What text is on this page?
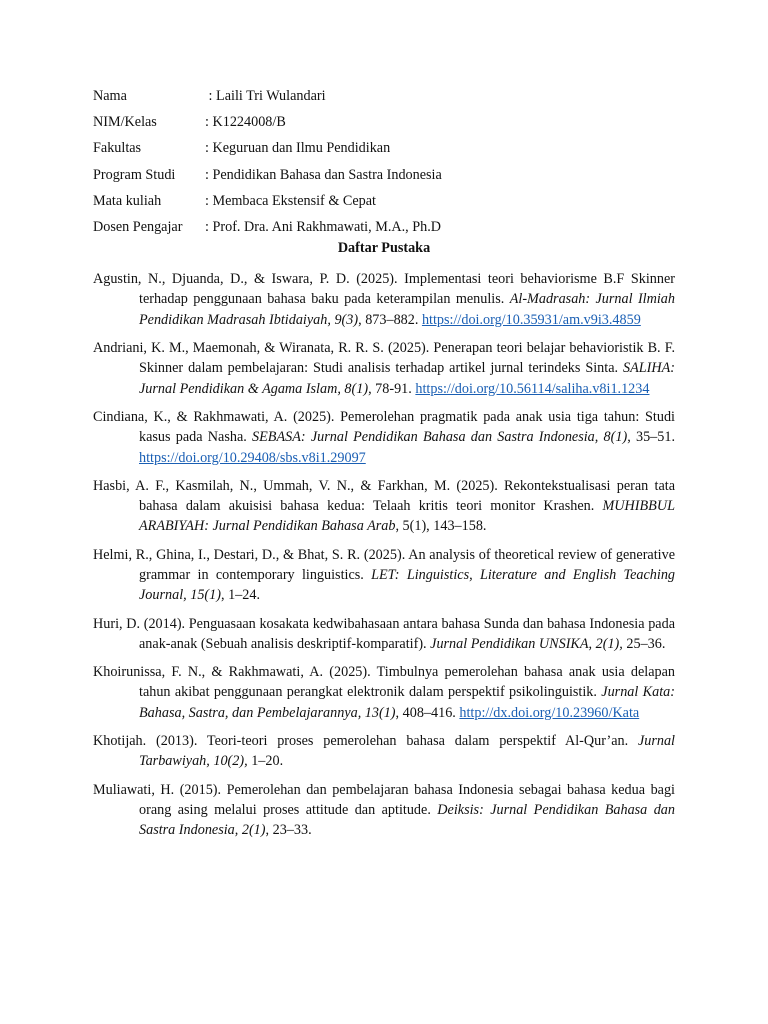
Nama	: Laili Tri Wulandari
NIM/Kelas	: K1224008/B
Fakultas	: Keguruan dan Ilmu Pendidikan
Program Studi	: Pendidikan Bahasa dan Sastra Indonesia
Mata kuliah	: Membaca Ekstensif & Cepat
Dosen Pengajar	: Prof. Dra. Ani Rakhmawati, M.A., Ph.D
Daftar Pustaka

Agustin, N., Djuanda, D., & Iswara, P. D. (2025). Implementasi teori behaviorisme B.F Skinner terhadap penggunaan bahasa baku pada keterampilan menulis. Al-Madrasah: Jurnal Ilmiah Pendidikan Madrasah Ibtidaiyah, 9(3), 873–882. https://doi.org/10.35931/am.v9i3.4859

Andriani, K. M., Maemonah, & Wiranata, R. R. S. (2025). Penerapan teori belajar behavioristik B. F. Skinner dalam pembelajaran: Studi analisis terhadap artikel jurnal terindeks Sinta. SALIHA: Jurnal Pendidikan & Agama Islam, 8(1), 78-91. https://doi.org/10.56114/saliha.v8i1.1234

Cindiana, K., & Rakhmawati, A. (2025). Pemerolehan pragmatik pada anak usia tiga tahun: Studi kasus pada Nasha. SEBASA: Jurnal Pendidikan Bahasa dan Sastra Indonesia, 8(1), 35–51. https://doi.org/10.29408/sbs.v8i1.29097

Hasbi, A. F., Kasmilah, N., Ummah, V. N., & Farkhan, M. (2025). Rekontekstualisasi peran tata bahasa dalam akuisisi bahasa kedua: Telaah kritis teori monitor Krashen. MUHIBBUL ARABIYAH: Jurnal Pendidikan Bahasa Arab, 5(1), 143–158.

Helmi, R., Ghina, I., Destari, D., & Bhat, S. R. (2025). An analysis of theoretical review of generative grammar in contemporary linguistics. LET: Linguistics, Literature and English Teaching Journal, 15(1), 1–24.

Huri, D. (2014). Penguasaan kosakata kedwibahasaan antara bahasa Sunda dan bahasa Indonesia pada anak-anak (Sebuah analisis deskriptif-komparatif). Jurnal Pendidikan UNSIKA, 2(1), 25–36.

Khoirunissa, F. N., & Rakhmawati, A. (2025). Timbulnya pemerolehan bahasa anak usia delapan tahun akibat penggunaan perangkat elektronik dalam perspektif psikolinguistik. Jurnal Kata: Bahasa, Sastra, dan Pembelajarannya, 13(1), 408–416. http://dx.doi.org/10.23960/Kata

Khotijah. (2013). Teori-teori proses pemerolehan bahasa dalam perspektif Al-Qur’an. Jurnal Tarbawiyah, 10(2), 1–20.

Muliawati, H. (2015). Pemerolehan dan pembelajaran bahasa Indonesia sebagai bahasa kedua bagi orang asing melalui proses attitude dan aptitude. Deiksis: Jurnal Pendidikan Bahasa dan Sastra Indonesia, 2(1), 23–33.
